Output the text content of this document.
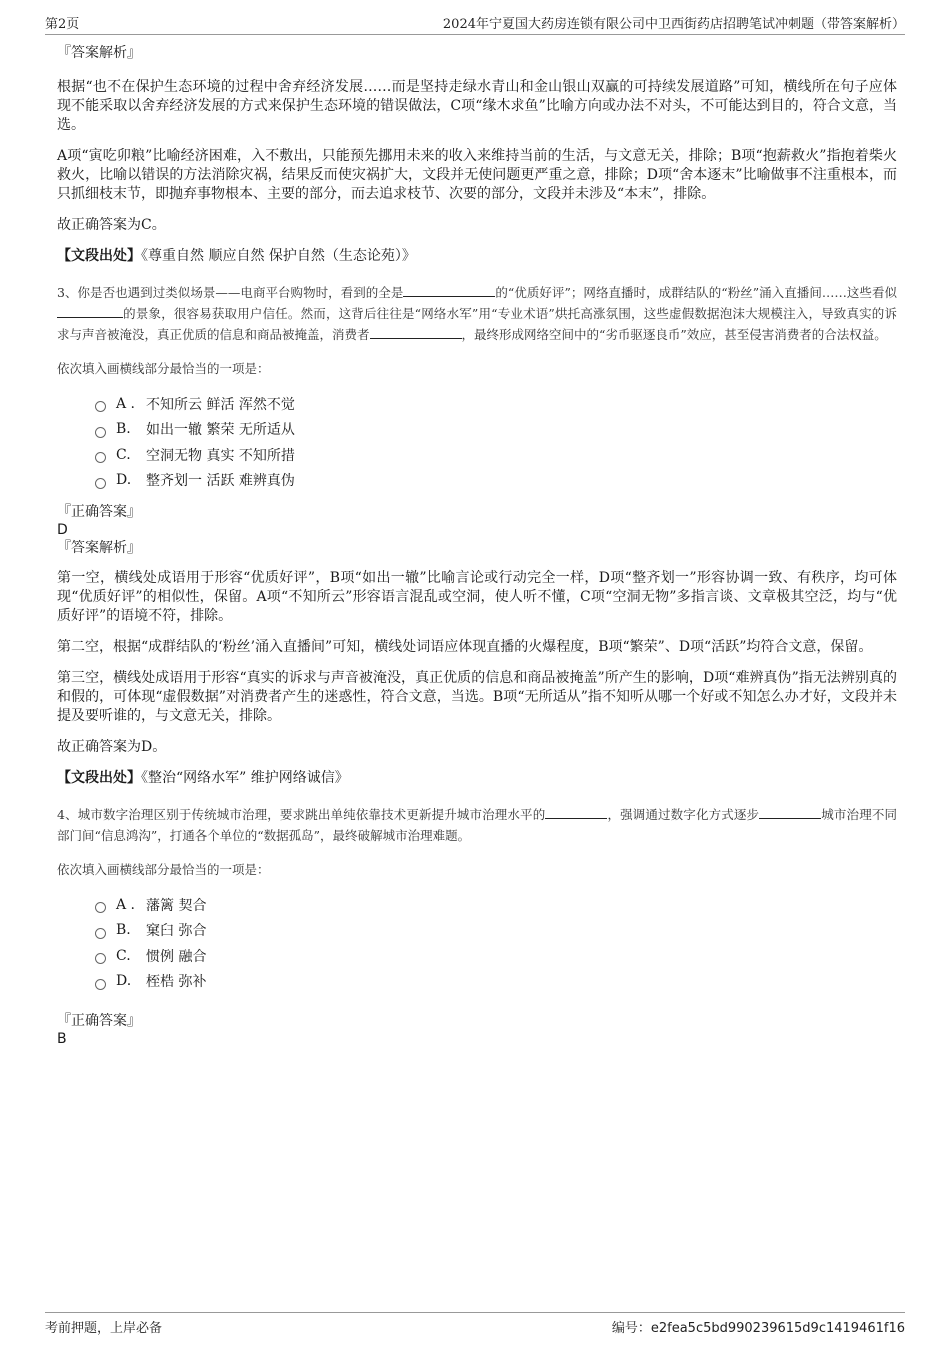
第2页	2024年宁夏国大药房连锁有限公司中卫西街药店招聘笔试冲刺题（带答案解析）
『答案解析』

根据“也不在保护生态环境的过程中舍弃经济发展……而是坚持走绿水青山和金山银山双赢的可持续发展道路”可知，横线所在句子应体现不能采取以舍弃经济发展的方式来保护生态环境的错误做法，C项“缘木求鱼”比喻方向或办法不对头，不可能达到目的，符合文意，当选。

A项“寅吃卯粮”比喻经济困难，入不敷出，只能预先挪用未来的收入来维持当前的生活，与文意无关，排除；B项“抱薪救火”指抱着柴火救火，比喻以错误的方法消除灾祸，结果反而使灾祸扩大，文段并无使问题更严重之意，排除；D项“舍本逐末”比喻做事不注重根本，而只抓细枝末节，即抛弃事物根本、主要的部分，而去追求枝节、次要的部分，文段并未涉及“本末”，排除。

故正确答案为C。

【文段出处】《尊重自然 顺应自然 保护自然（生态论苑）》

3、你是否也遇到过类似场景——电商平台购物时，看到的全是	的“优质好评”；网络直播时，成群结队的“粉丝”涌入直播间……这些看似的景象，很容易获取用户信任。然而，这背后往往是“网络水军”用“专业术语”烘托高涨氛围，这些虚假数据泡沫大规模注入，导致真实的诉求与声音被淹没，真正优质的信息和商品被掩盖，消费者	，最终形成网络空间中的“劣币驱逐良币”效应，甚至侵害消费者的合法权益。

依次填入画横线部分最恰当的一项是：
A . 不知所云 鲜活 浑然不觉
B.	如出一辙 繁荣 无所适从
C.	空洞无物 真实 不知所措
D.	整齐划一 活跃 难辨真伪
『正确答案』

D

『答案解析』

第一空，横线处成语用于形容“优质好评”，B项“如出一辙”比喻言论或行动完全一样，D项“整齐划一”形容协调一致、有秩序，均可体现“优质好评”的相似性，保留。A项“不知所云”形容语言混乱或空洞，使人听不懂，C项“空洞无物”多指言谈、文章极其空泛，均与“优质好评”的语境不符，排除。

第二空，根据“成群结队的‘粉丝’涌入直播间”可知，横线处词语应体现直播的火爆程度，B项“繁荣”、D项“活跃”均符合文意，保留。

第三空，横线处成语用于形容“真实的诉求与声音被淹没，真正优质的信息和商品被掩盖”所产生的影响，D项“难辨真伪”指无法辨别真的和假的，可体现“虚假数据”对消费者产生的迷惑性，符合文意，当选。B项“无所适从”指不知听从哪一个好或不知怎么办才好，文段并未提及要听谁的，与文意无关，排除。

故正确答案为D。

【文段出处】《整治“网络水军” 维护网络诚信》

4、城市数字治理区别于传统城市治理，要求跳出单纯依靠技术更新提升城市治理水平的	，强调通过数字化方式逐步	城市治理不同部门间“信息鸿沟”，打通各个单位的“数据孤岛”，最终破解城市治理难题。

依次填入画横线部分最恰当的一项是：
A . 藩篱 契合
B.	窠臼 弥合
C.	惯例 融合
D.	桎梏 弥补
『正确答案』

B

考前押题，上岸必备	编号：e2fea5c5bd990239615d9c1419461f16
